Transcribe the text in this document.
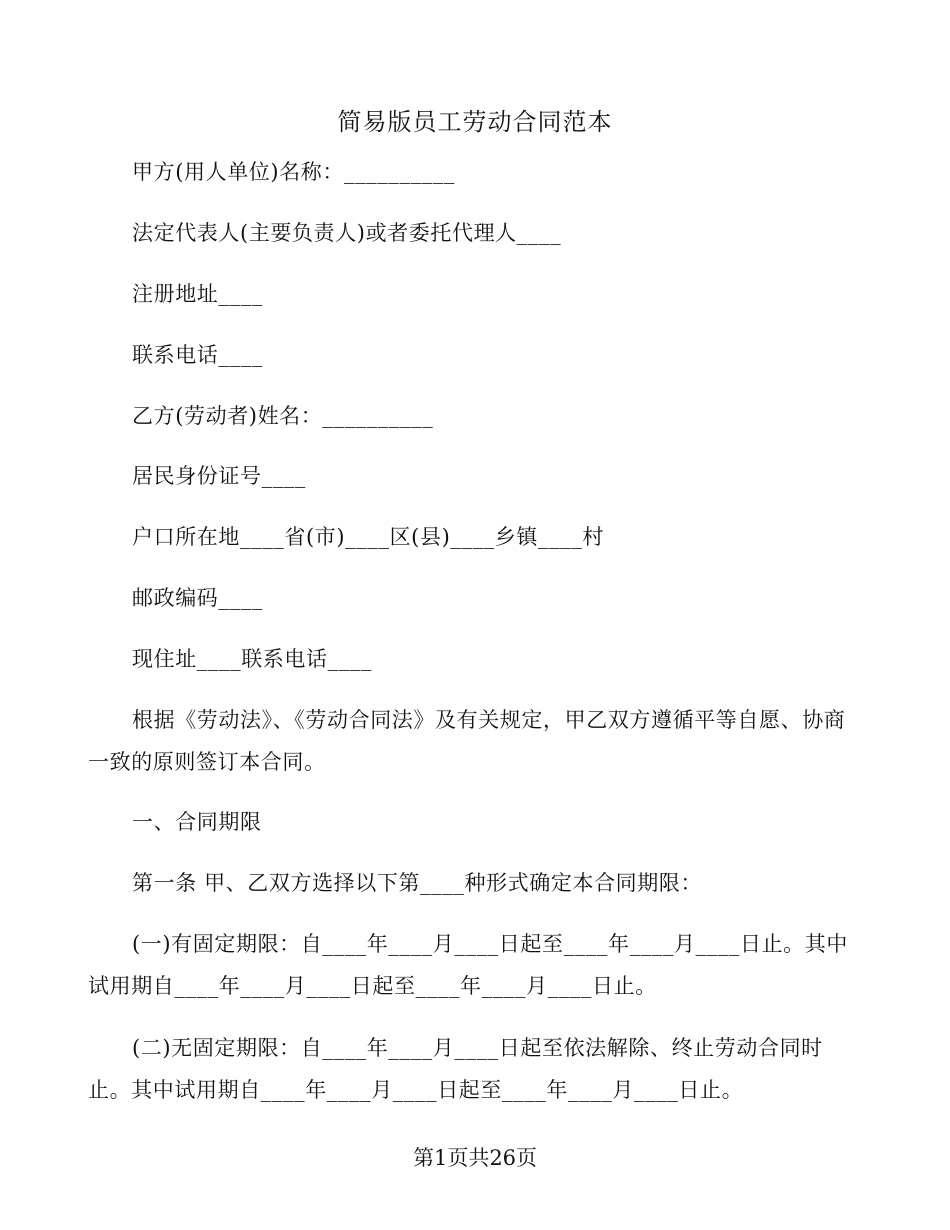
简易版员工劳动合同范本

甲方(用人单位)名称：__________

法定代表人(主要负责人)或者委托代理人____

注册地址____

联系电话____

乙方(劳动者)姓名：__________

居民身份证号____

户口所在地____省(市)____区(县)____乡镇____村

邮政编码____

现住址____联系电话____

根据《劳动法》、《劳动合同法》及有关规定，甲乙双方遵循平等自愿、协商一致的原则签订本合同。

一、合同期限

第一条 甲、乙双方选择以下第____种形式确定本合同期限：

(一)有固定期限：自____年____月____日起至____年____月____日止。其中试用期自____年____月____日起至____年____月____日止。

(二)无固定期限：自____年____月____日起至依法解除、终止劳动合同时止。其中试用期自____年____月____日起至____年____月____日止。

第1页共26页
